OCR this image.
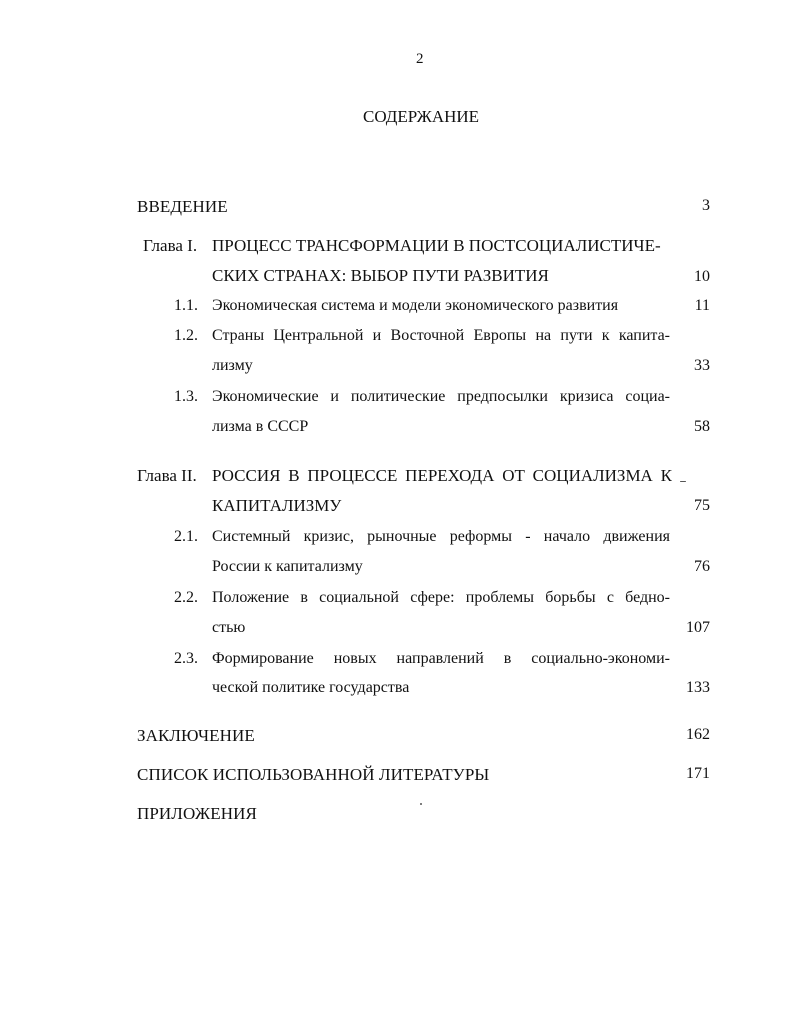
2
СОДЕРЖАНИЕ
ВВЕДЕНИЕ	3
Глава I. ПРОЦЕСС ТРАНСФОРМАЦИИ В ПОСТСОЦИАЛИСТИЧЕ-
СКИХ СТРАНАХ: ВЫБОР ПУТИ РАЗВИТИЯ	10
1.1. Экономическая система и модели экономического развития	11
1.2. Страны Центральной и Восточной Европы на пути к капита-
лизму	33
1.3. Экономические и политические предпосылки кризиса социа-
лизма в СССР	58
Глава II. РОССИЯ В ПРОЦЕССЕ ПЕРЕХОДА ОТ СОЦИАЛИЗМА К
КАПИТАЛИЗМУ	75
2.1. Системный кризис, рыночные реформы - начало движения
России к капитализму	76
2.2. Положение в социальной сфере: проблемы борьбы с бедно-
стью	107
2.3. Формирование новых направлений в социально-экономи-
ческой политике государства	133
ЗАКЛЮЧЕНИЕ	162
СПИСОК ИСПОЛЬЗОВАННОЙ ЛИТЕРАТУРЫ	171
ПРИЛОЖЕНИЯ
